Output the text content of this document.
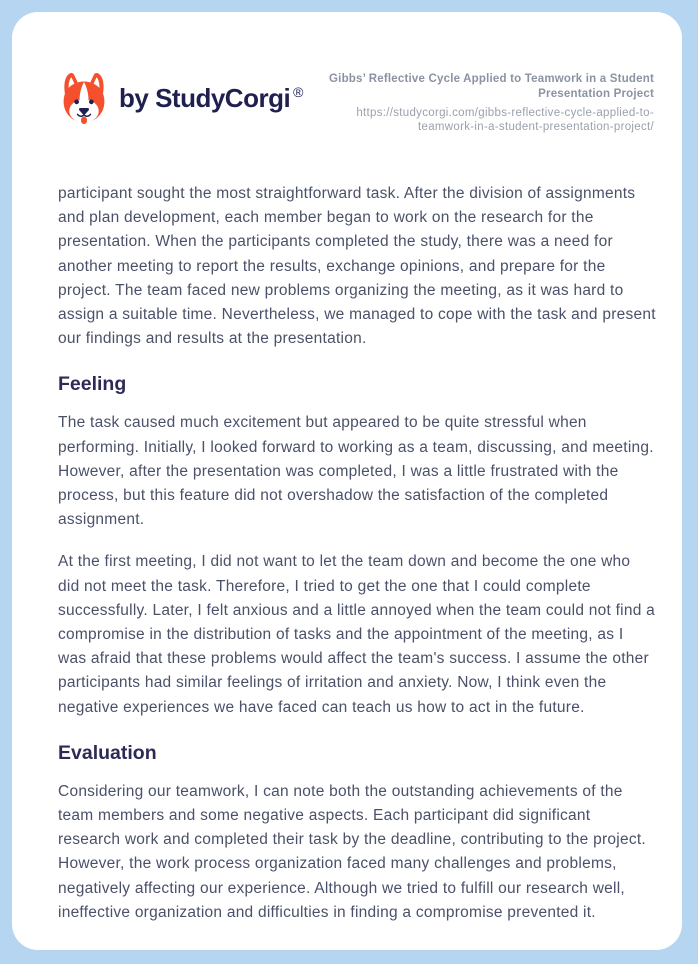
by StudyCorgi ®
Gibbs’ Reflective Cycle Applied to Teamwork in a Student Presentation Project
https://studycorgi.com/gibbs-reflective-cycle-applied-to-teamwork-in-a-student-presentation-project/

participant sought the most straightforward task. After the division of assignments and plan development, each member began to work on the research for the presentation. When the participants completed the study, there was a need for another meeting to report the results, exchange opinions, and prepare for the project. The team faced new problems organizing the meeting, as it was hard to assign a suitable time. Nevertheless, we managed to cope with the task and present our findings and results at the presentation.

Feeling

The task caused much excitement but appeared to be quite stressful when performing. Initially, I looked forward to working as a team, discussing, and meeting. However, after the presentation was completed, I was a little frustrated with the process, but this feature did not overshadow the satisfaction of the completed assignment.

At the first meeting, I did not want to let the team down and become the one who did not meet the task. Therefore, I tried to get the one that I could complete successfully. Later, I felt anxious and a little annoyed when the team could not find a compromise in the distribution of tasks and the appointment of the meeting, as I was afraid that these problems would affect the team's success. I assume the other participants had similar feelings of irritation and anxiety. Now, I think even the negative experiences we have faced can teach us how to act in the future.

Evaluation

Considering our teamwork, I can note both the outstanding achievements of the team members and some negative aspects. Each participant did significant research work and completed their task by the deadline, contributing to the project. However, the work process organization faced many challenges and problems, negatively affecting our experience. Although we tried to fulfill our research well, ineffective organization and difficulties in finding a compromise prevented it.
